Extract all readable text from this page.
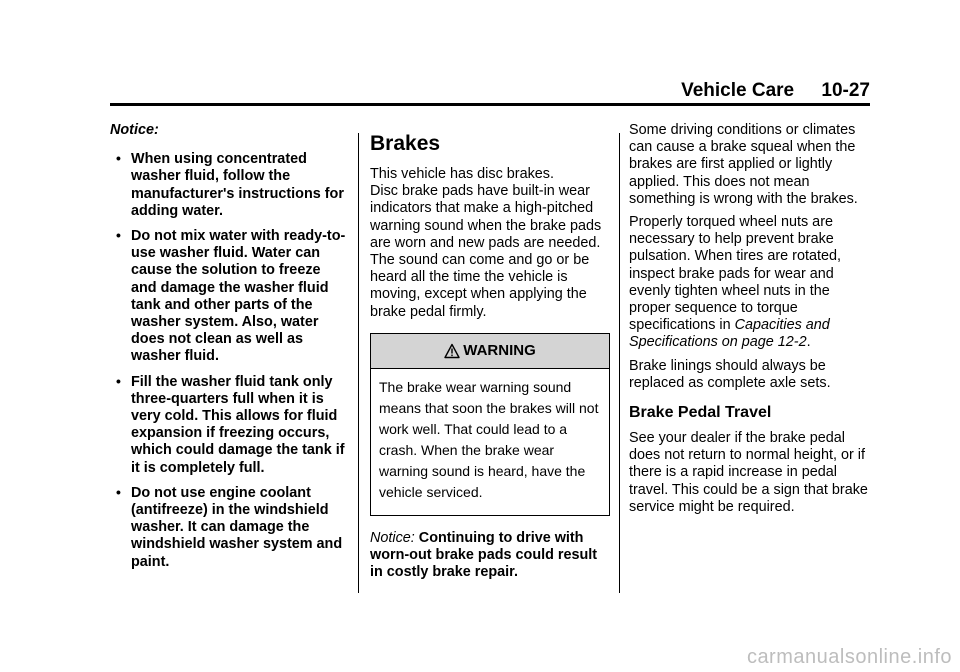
Vehicle Care 10-27
Notice:
• When using concentrated washer fluid, follow the manufacturer's instructions for adding water.
• Do not mix water with ready-to-use washer fluid. Water can cause the solution to freeze and damage the washer fluid tank and other parts of the washer system. Also, water does not clean as well as washer fluid.
• Fill the washer fluid tank only three-quarters full when it is very cold. This allows for fluid expansion if freezing occurs, which could damage the tank if it is completely full.
• Do not use engine coolant (antifreeze) in the windshield washer. It can damage the windshield washer system and paint.
Brakes

This vehicle has disc brakes.
Disc brake pads have built-in wear indicators that make a high-pitched warning sound when the brake pads are worn and new pads are needed. The sound can come and go or be heard all the time the vehicle is moving, except when applying the brake pedal firmly.

WARNING
The brake wear warning sound means that soon the brakes will not work well. That could lead to a crash. When the brake wear warning sound is heard, have the vehicle serviced.
Notice: Continuing to drive with worn-out brake pads could result in costly brake repair.

Some driving conditions or climates can cause a brake squeal when the brakes are first applied or lightly applied. This does not mean something is wrong with the brakes.

Properly torqued wheel nuts are necessary to help prevent brake pulsation. When tires are rotated, inspect brake pads for wear and evenly tighten wheel nuts in the proper sequence to torque specifications in Capacities and Specifications on page 12-2.

Brake linings should always be replaced as complete axle sets.

Brake Pedal Travel

See your dealer if the brake pedal does not return to normal height, or if there is a rapid increase in pedal travel. This could be a sign that brake service might be required.

carmanualsonline.info
